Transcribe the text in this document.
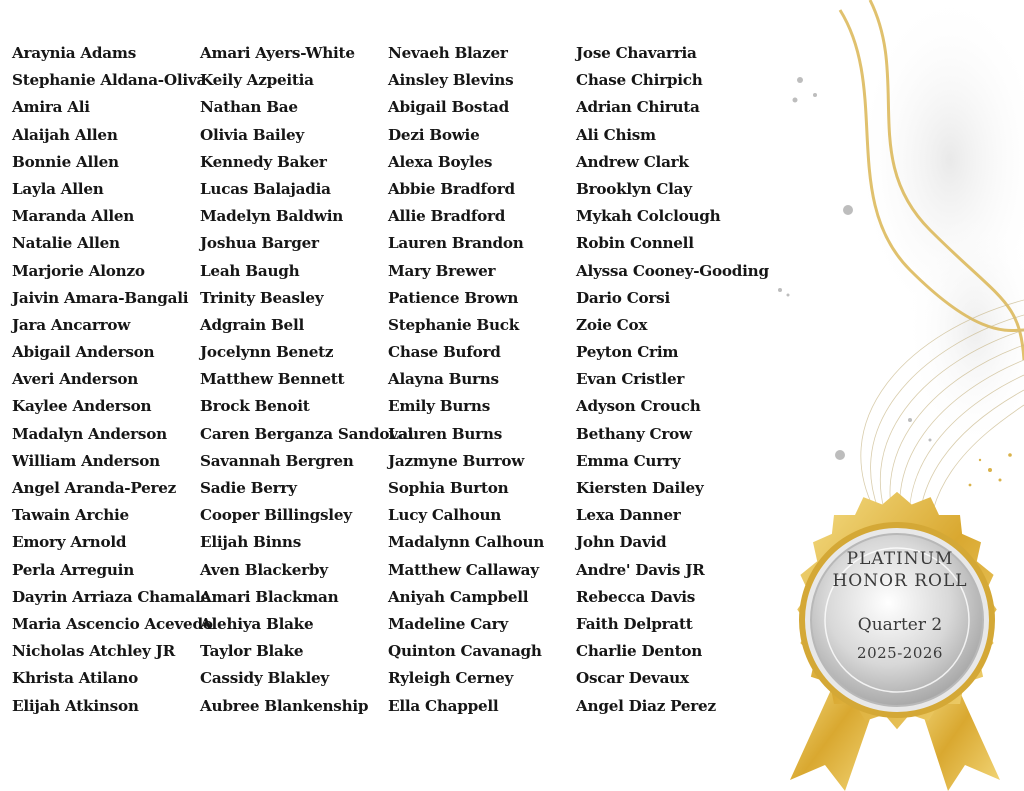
Araynia Adams
Stephanie Aldana-Oliva
Amira Ali
Alaijah Allen
Bonnie Allen
Layla Allen
Maranda Allen
Natalie Allen
Marjorie Alonzo
Jaivin Amara-Bangali
Jara Ancarrow
Abigail Anderson
Averi Anderson
Kaylee Anderson
Madalyn Anderson
William Anderson
Angel Aranda-Perez
Tawain Archie
Emory Arnold
Perla Arreguin
Dayrin Arriaza Chamale
Maria Ascencio Acevedo
Nicholas Atchley JR
Khrista Atilano
Elijah Atkinson
Amari Ayers-White
Keily Azpeitia
Nathan Bae
Olivia Bailey
Kennedy Baker
Lucas Balajadia
Madelyn Baldwin
Joshua Barger
Leah Baugh
Trinity Beasley
Adgrain Bell
Jocelynn Benetz
Matthew Bennett
Brock Benoit
Caren Berganza Sandoval
Savannah Bergren
Sadie Berry
Cooper Billingsley
Elijah Binns
Aven Blackerby
Amari Blackman
Alehiya Blake
Taylor Blake
Cassidy Blakley
Aubree Blankenship
Nevaeh Blazer
Ainsley Blevins
Abigail Bostad
Dezi Bowie
Alexa Boyles
Abbie Bradford
Allie Bradford
Lauren Brandon
Mary Brewer
Patience Brown
Stephanie Buck
Chase Buford
Alayna Burns
Emily Burns
Lauren Burns
Jazmyne Burrow
Sophia Burton
Lucy Calhoun
Madalynn Calhoun
Matthew Callaway
Aniyah Campbell
Madeline Cary
Quinton Cavanagh
Ryleigh Cerney
Ella Chappell
Jose Chavarria
Chase Chirpich
Adrian Chiruta
Ali Chism
Andrew Clark
Brooklyn Clay
Mykah Colclough
Robin Connell
Alyssa Cooney-Gooding
Dario Corsi
Zoie Cox
Peyton Crim
Evan Cristler
Adyson Crouch
Bethany Crow
Emma Curry
Kiersten Dailey
Lexa Danner
John David
Andre' Davis JR
Rebecca Davis
Faith Delpratt
Charlie Denton
Oscar Devaux
Angel Diaz Perez
PLATINUM
HONOR ROLL
Quarter 2
2025-2026
